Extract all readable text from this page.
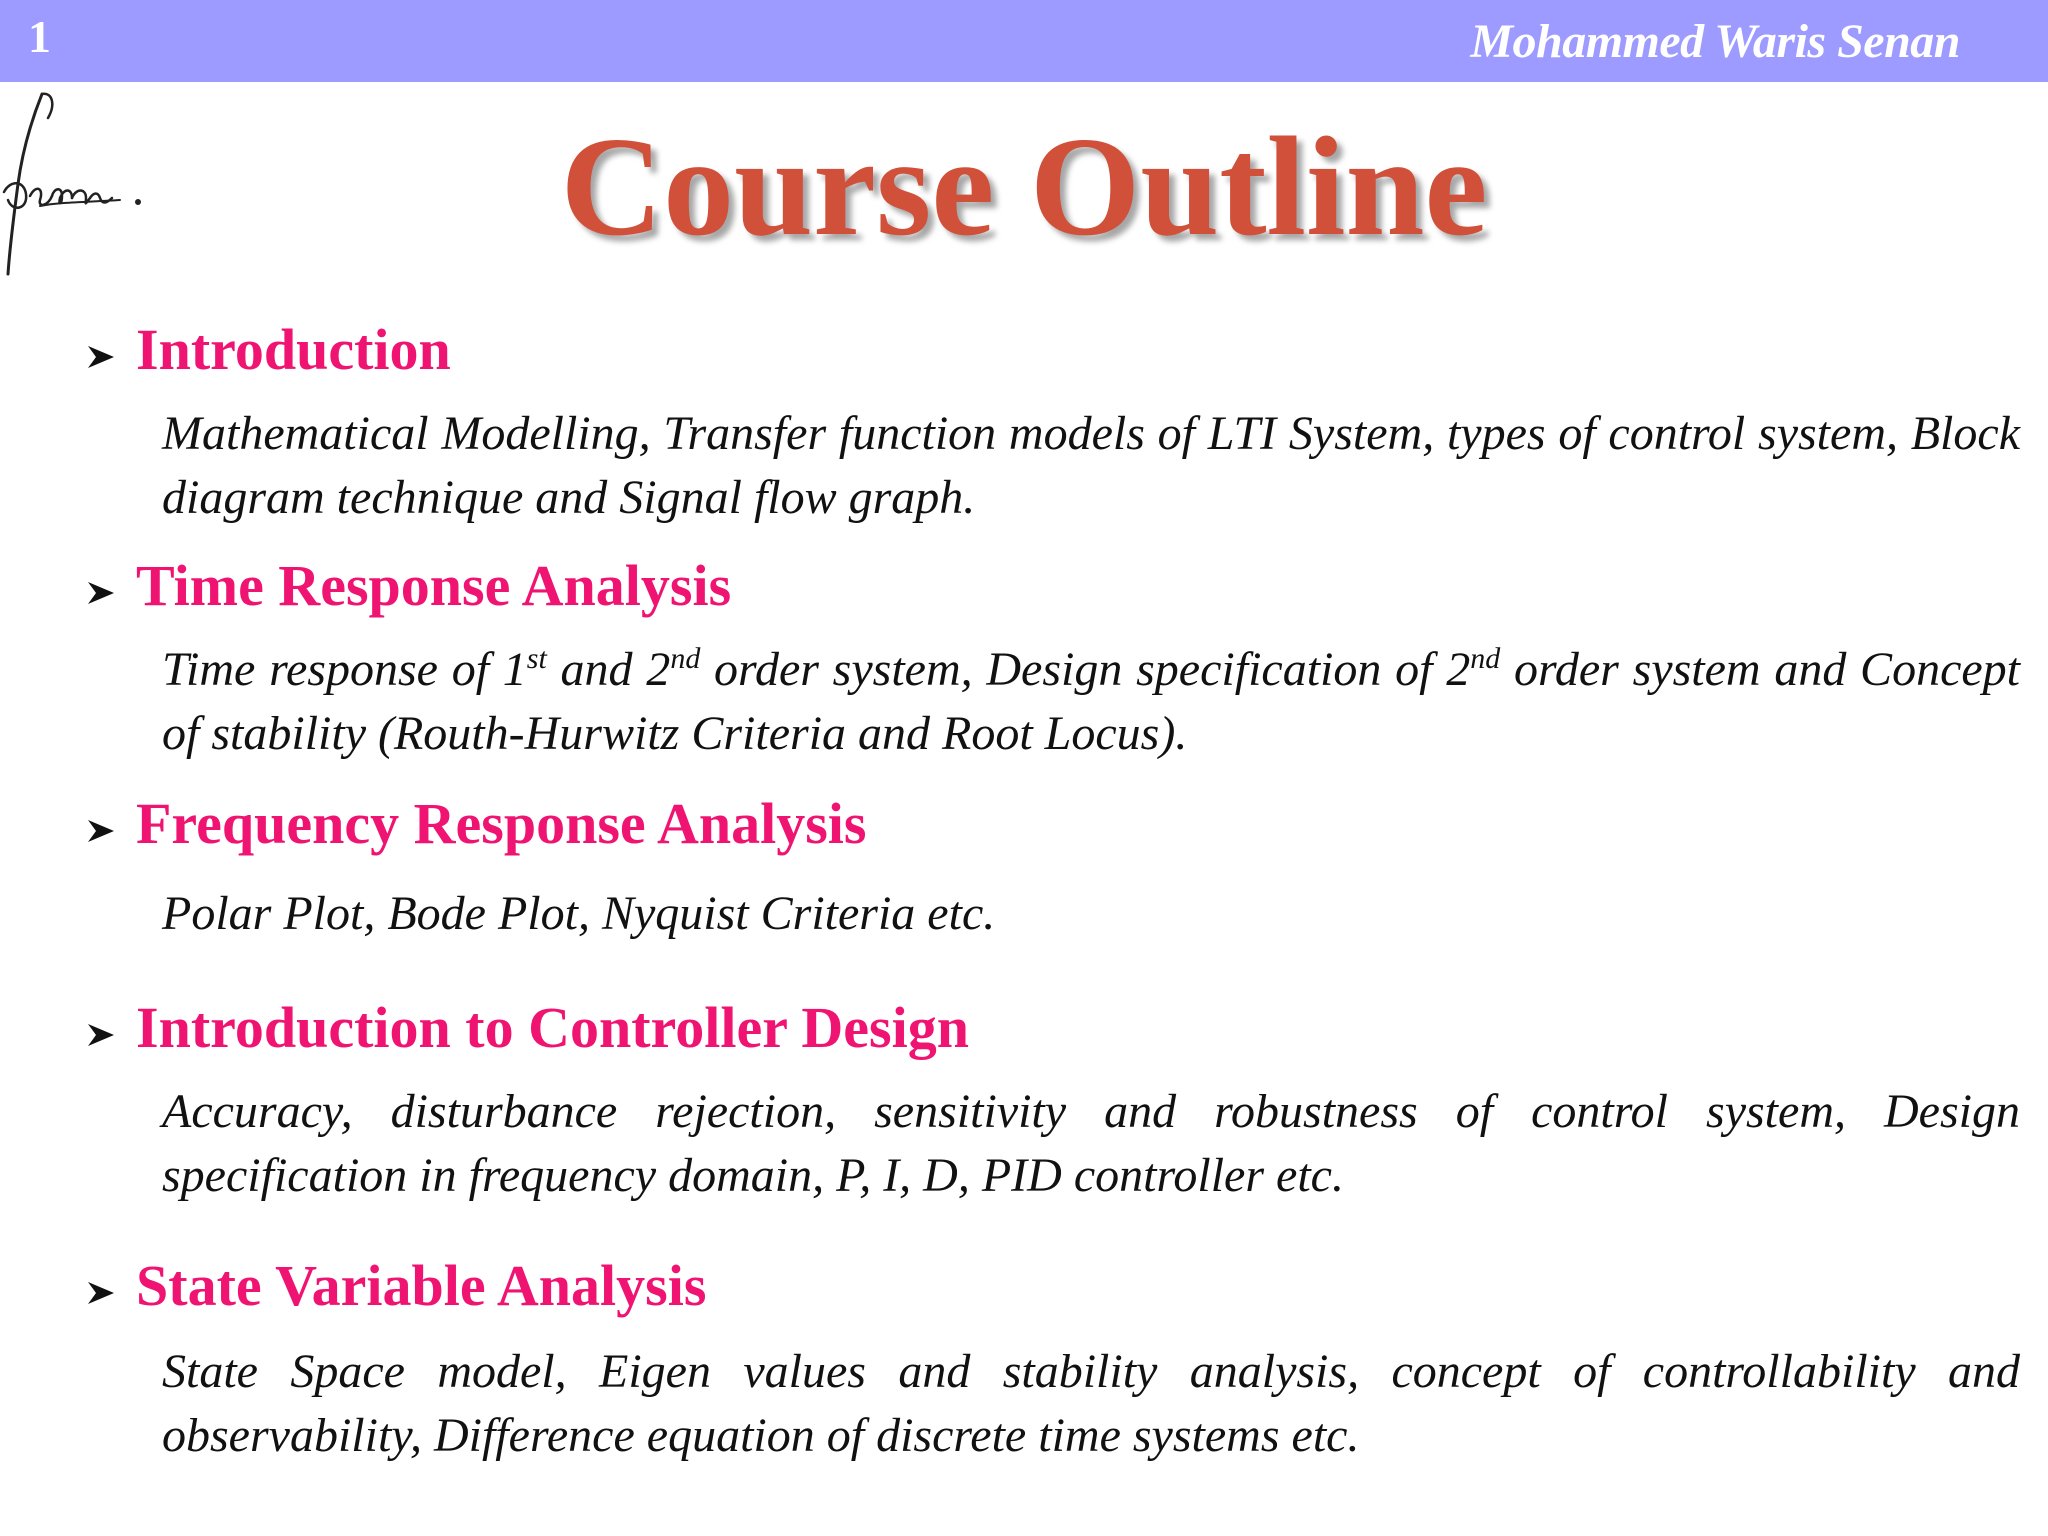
1	Mohammed Waris Senan
Course Outline
Introduction
Mathematical Modelling, Transfer function models of LTI System, types of control system, Block diagram technique and Signal flow graph.
Time Response Analysis
Time response of 1st and 2nd order system, Design specification of 2nd order system and Concept of stability (Routh-Hurwitz Criteria and Root Locus).
Frequency Response Analysis
Polar Plot, Bode Plot, Nyquist Criteria etc.
Introduction to Controller Design
Accuracy, disturbance rejection, sensitivity and robustness of control system, Design specification in frequency domain, P, I, D, PID controller etc.
State Variable Analysis
State Space model, Eigen values and stability analysis, concept of controllability and observability, Difference equation of discrete time systems etc.
